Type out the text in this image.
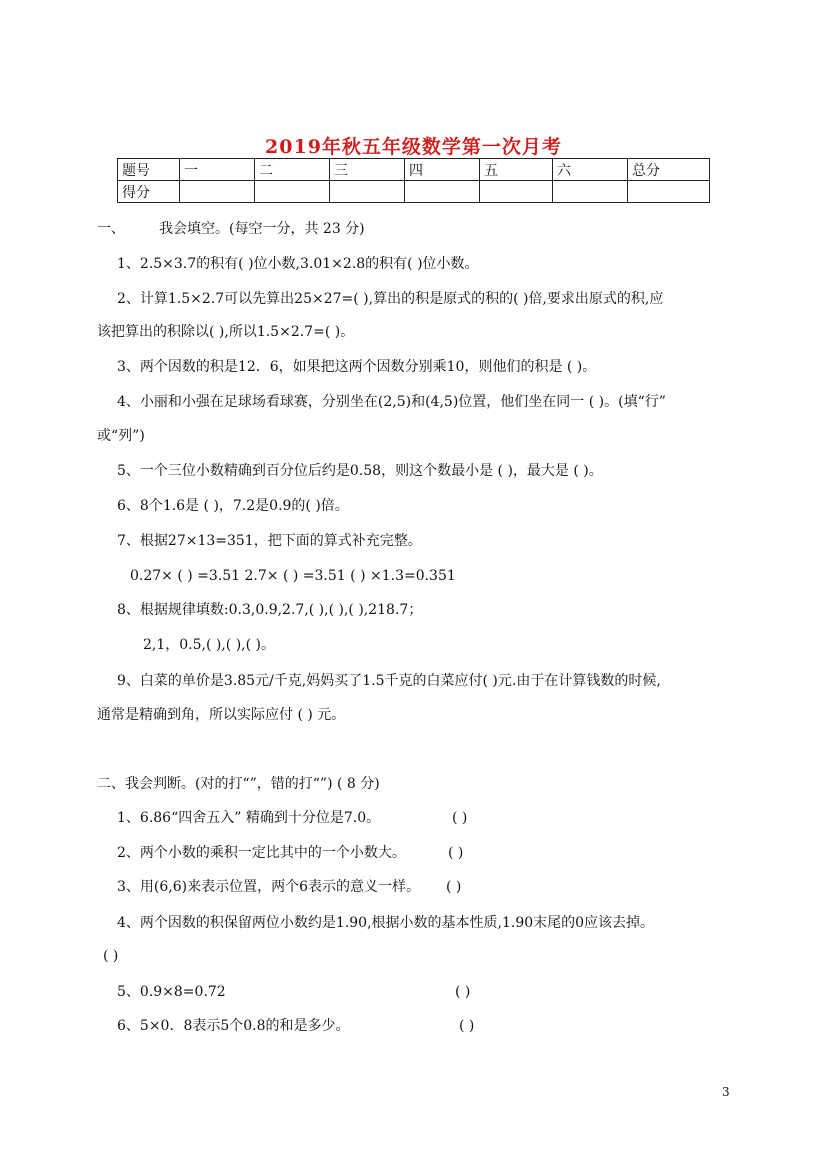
2019年秋五年级数学第一次月考
题号	一	二	三	四	五	六	总分
得分							
一、 我会填空。(每空一分，共 23 分)
1、2.5×3.7的积有( )位小数,3.01×2.8的积有( )位小数。
2、计算1.5×2.7可以先算出25×27=( ),算出的积是原式的积的( )倍,要求出原式的积,应
该把算出的积除以( ),所以1.5×2.7=( )。
3、两个因数的积是12．6，如果把这两个因数分别乘10，则他们的积是 ( )。
4、小丽和小强在足球场看球赛，分别坐在(2,5)和(4,5)位置，他们坐在同一 ( )。(填“行”
或“列”)
5、一个三位小数精确到百分位后约是0.58，则这个数最小是 ( )，最大是 ( )。
6、8个1.6是 ( )，7.2是0.9的( )倍。
7、根据27×13=351，把下面的算式补充完整。
0.27× ( ) =3.51 2.7× ( ) =3.51 ( ) ×1.3=0.351
8、根据规律填数:0.3,0.9,2.7,( ),( ),( ),218.7；
2,1，0.5,( ),( ),( )。
9、白菜的单价是3.85元/千克,妈妈买了1.5千克的白菜应付( )元.由于在计算钱数的时候,
通常是精确到角，所以实际应付 ( ) 元。
二、我会判断。(对的打“”，错的打“”) ( 8 分)
1、6.86“四舍五入” 精确到十分位是7.0。	( )
2、两个小数的乘积一定比其中的一个小数大。	( )
3、用(6,6)来表示位置，两个6表示的意义一样。 ( )
4、两个因数的积保留两位小数约是1.90,根据小数的基本性质,1.90末尾的0应该去掉。
( )
5、0.9×8=0.72	( )
6、5×0．8表示5个0.8的和是多少。	( )
3
